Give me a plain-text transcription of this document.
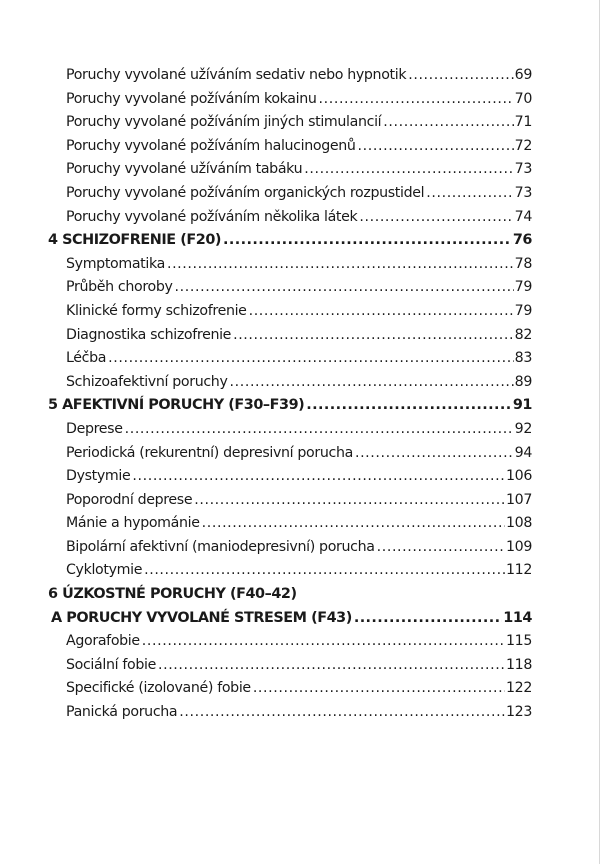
Poruchy vyvolané užíváním sedativ nebo hypnotik .....	69
Poruchy vyvolané požíváním kokainu .....	70
Poruchy vyvolané požíváním jiných stimulancií .....	71
Poruchy vyvolané požíváním halucinogenů .....	72
Poruchy vyvolané užíváním tabáku .....	73
Poruchy vyvolané požíváním organických rozpustidel .....	73
Poruchy vyvolané požíváním několika látek .....	74
4 SCHIZOFRENIE (F20) .....	76
Symptomatika .....	78
Průběh choroby .....	79
Klinické formy schizofrenie .....	79
Diagnostika schizofrenie .....	82
Léčba .....	83
Schizoafektivní poruchy .....	89
5 AFEKTIVNÍ PORUCHY (F30–F39) .....	91
Deprese .....	92
Periodická (rekurentní) depresivní porucha .....	94
Dystymie .....	106
Poporodní deprese .....	107
Mánie a hypománie .....	108
Bipolární afektivní (maniodepresivní) porucha .....	109
Cyklotymie .....	112
6 ÚZKOSTNÉ PORUCHY (F40–42)
A PORUCHY VYVOLANÉ STRESEM (F43) .....	114
Agorafobie .....	115
Sociální fobie .....	118
Specifické (izolované) fobie .....	122
Panická porucha .....	123
